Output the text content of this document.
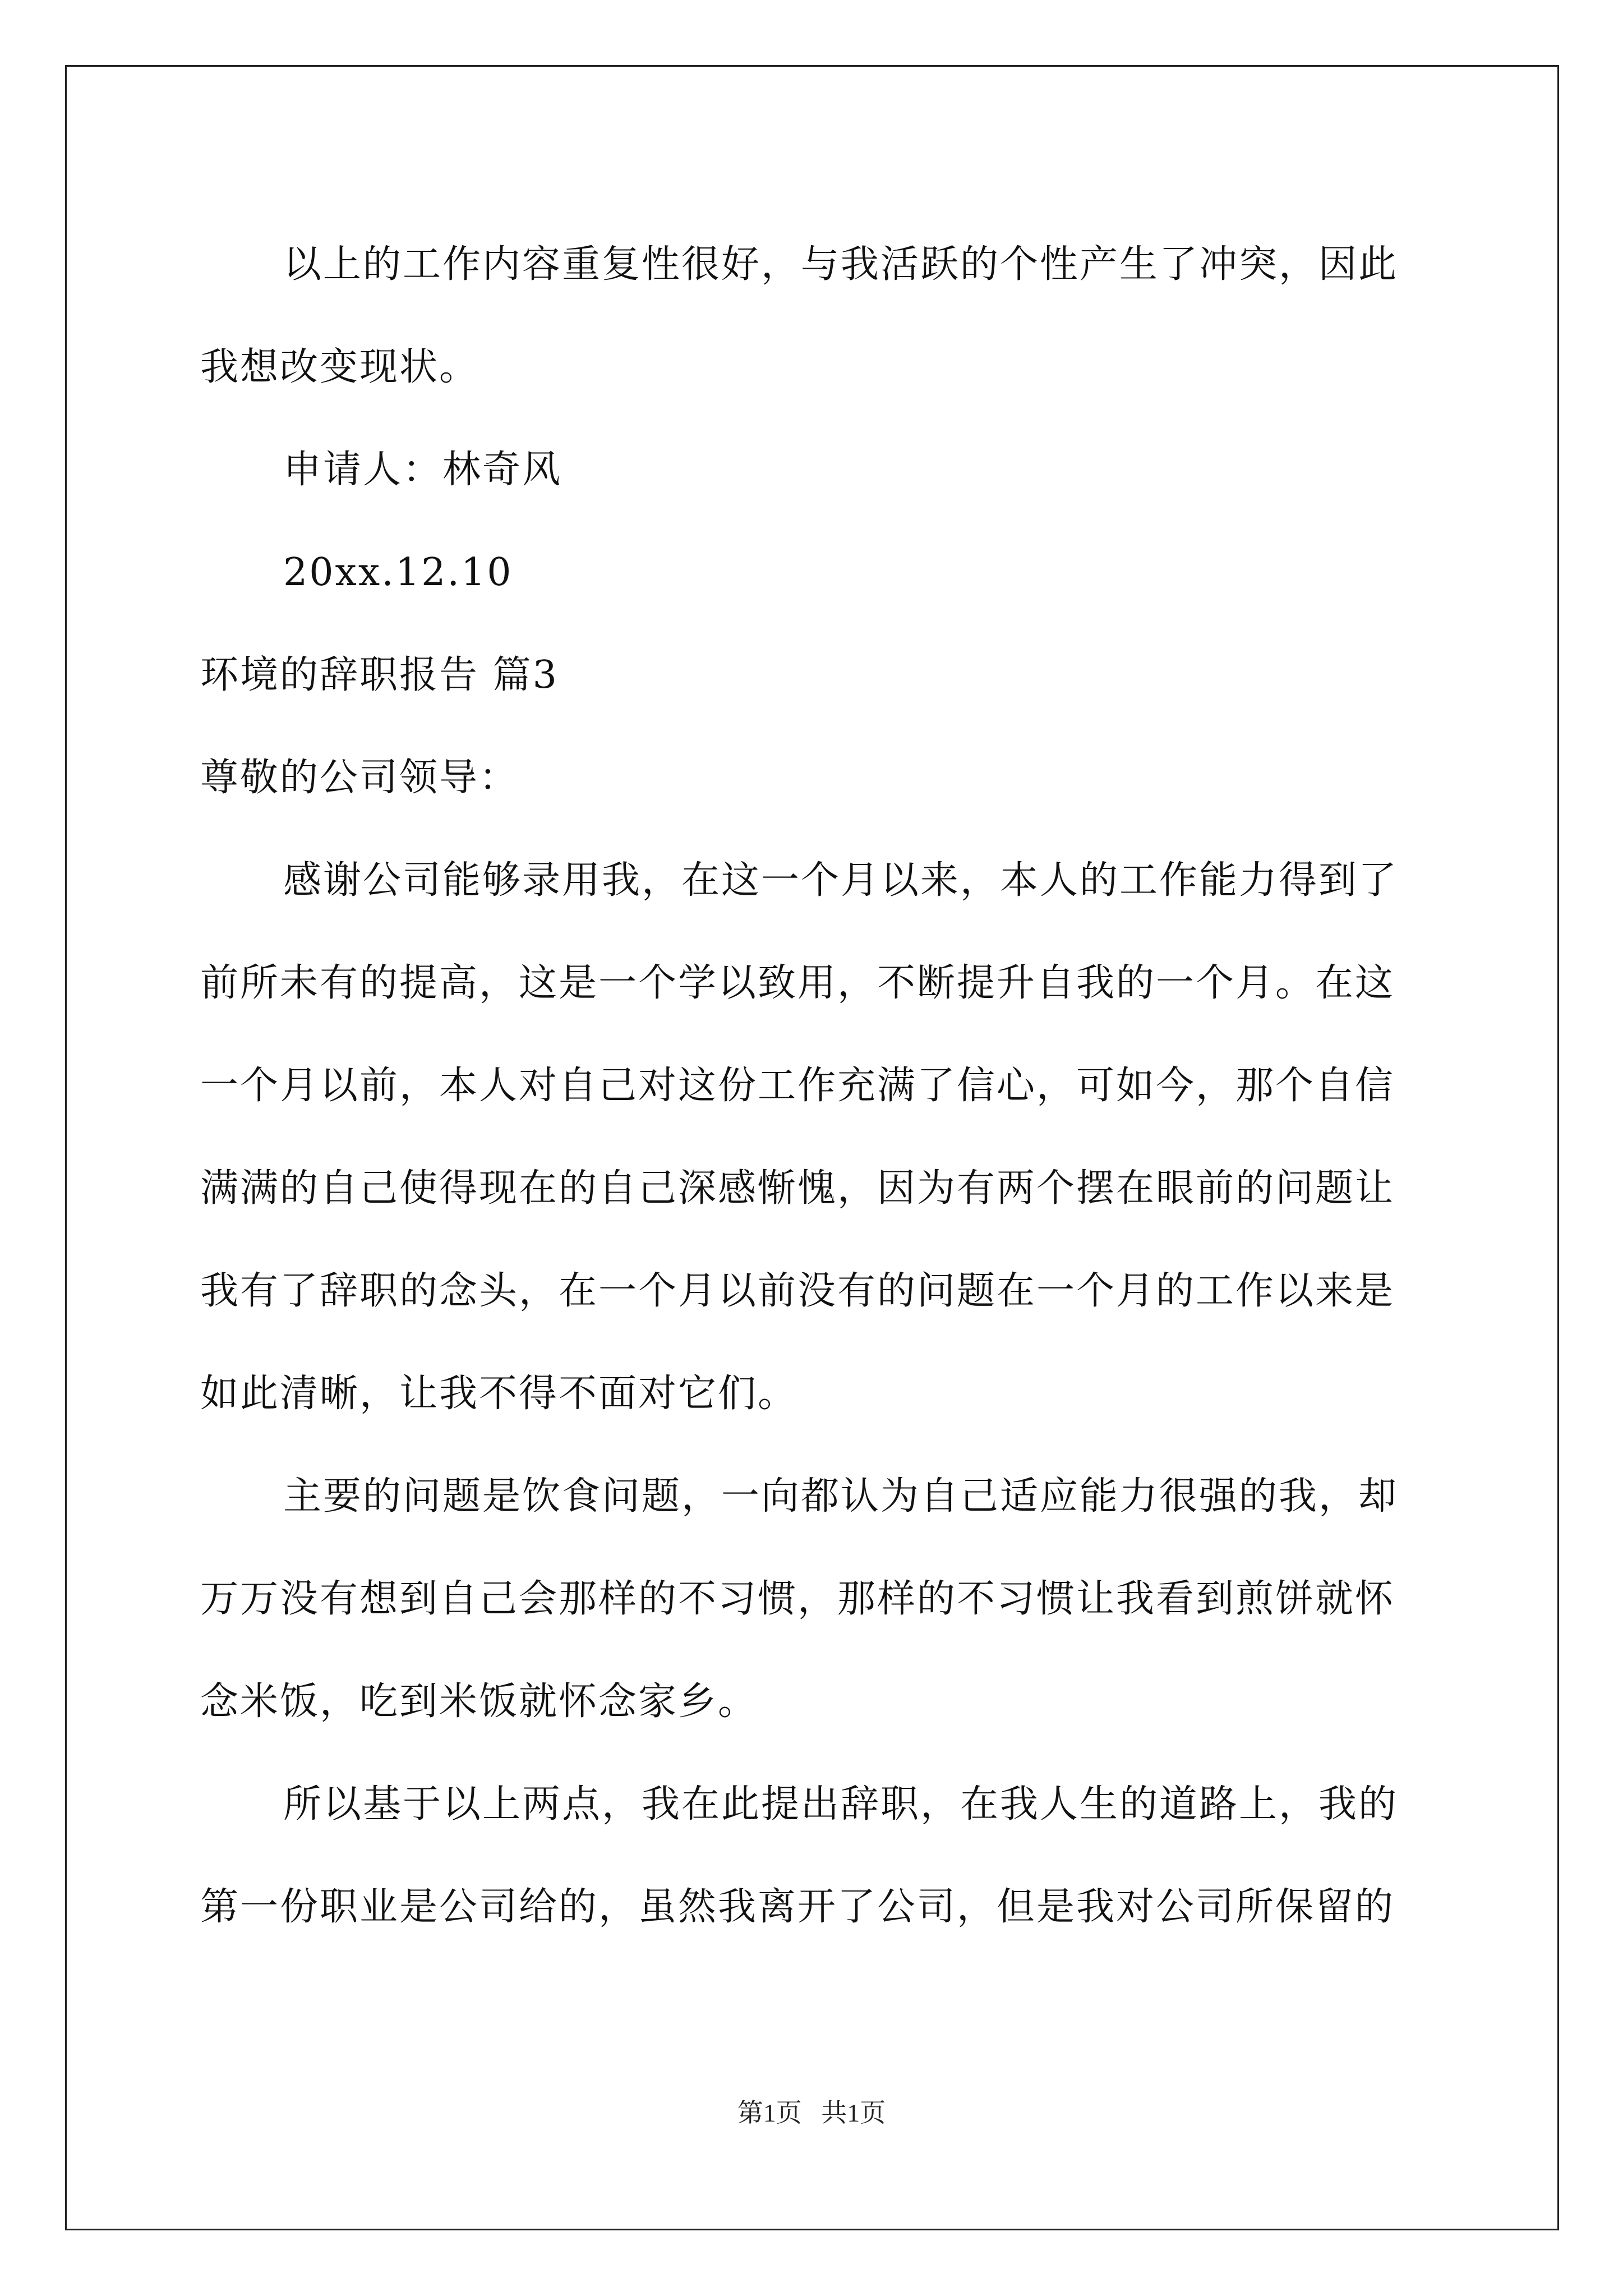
以上的工作内容重复性很好，与我活跃的个性产生了冲突，因此
我想改变现状。
申请人：林奇风
20xx.12.10
环境的辞职报告 篇3
尊敬的公司领导：
感谢公司能够录用我，在这一个月以来，本人的工作能力得到了
前所未有的提高，这是一个学以致用，不断提升自我的一个月。在这
一个月以前，本人对自己对这份工作充满了信心，可如今，那个自信
满满的自己使得现在的自己深感惭愧，因为有两个摆在眼前的问题让
我有了辞职的念头，在一个月以前没有的问题在一个月的工作以来是
如此清晰，让我不得不面对它们。
主要的问题是饮食问题，一向都认为自己适应能力很强的我，却
万万没有想到自己会那样的不习惯，那样的不习惯让我看到煎饼就怀
念米饭，吃到米饭就怀念家乡。
所以基于以上两点，我在此提出辞职，在我人生的道路上，我的
第一份职业是公司给的，虽然我离开了公司，但是我对公司所保留的
第1页   共1页
